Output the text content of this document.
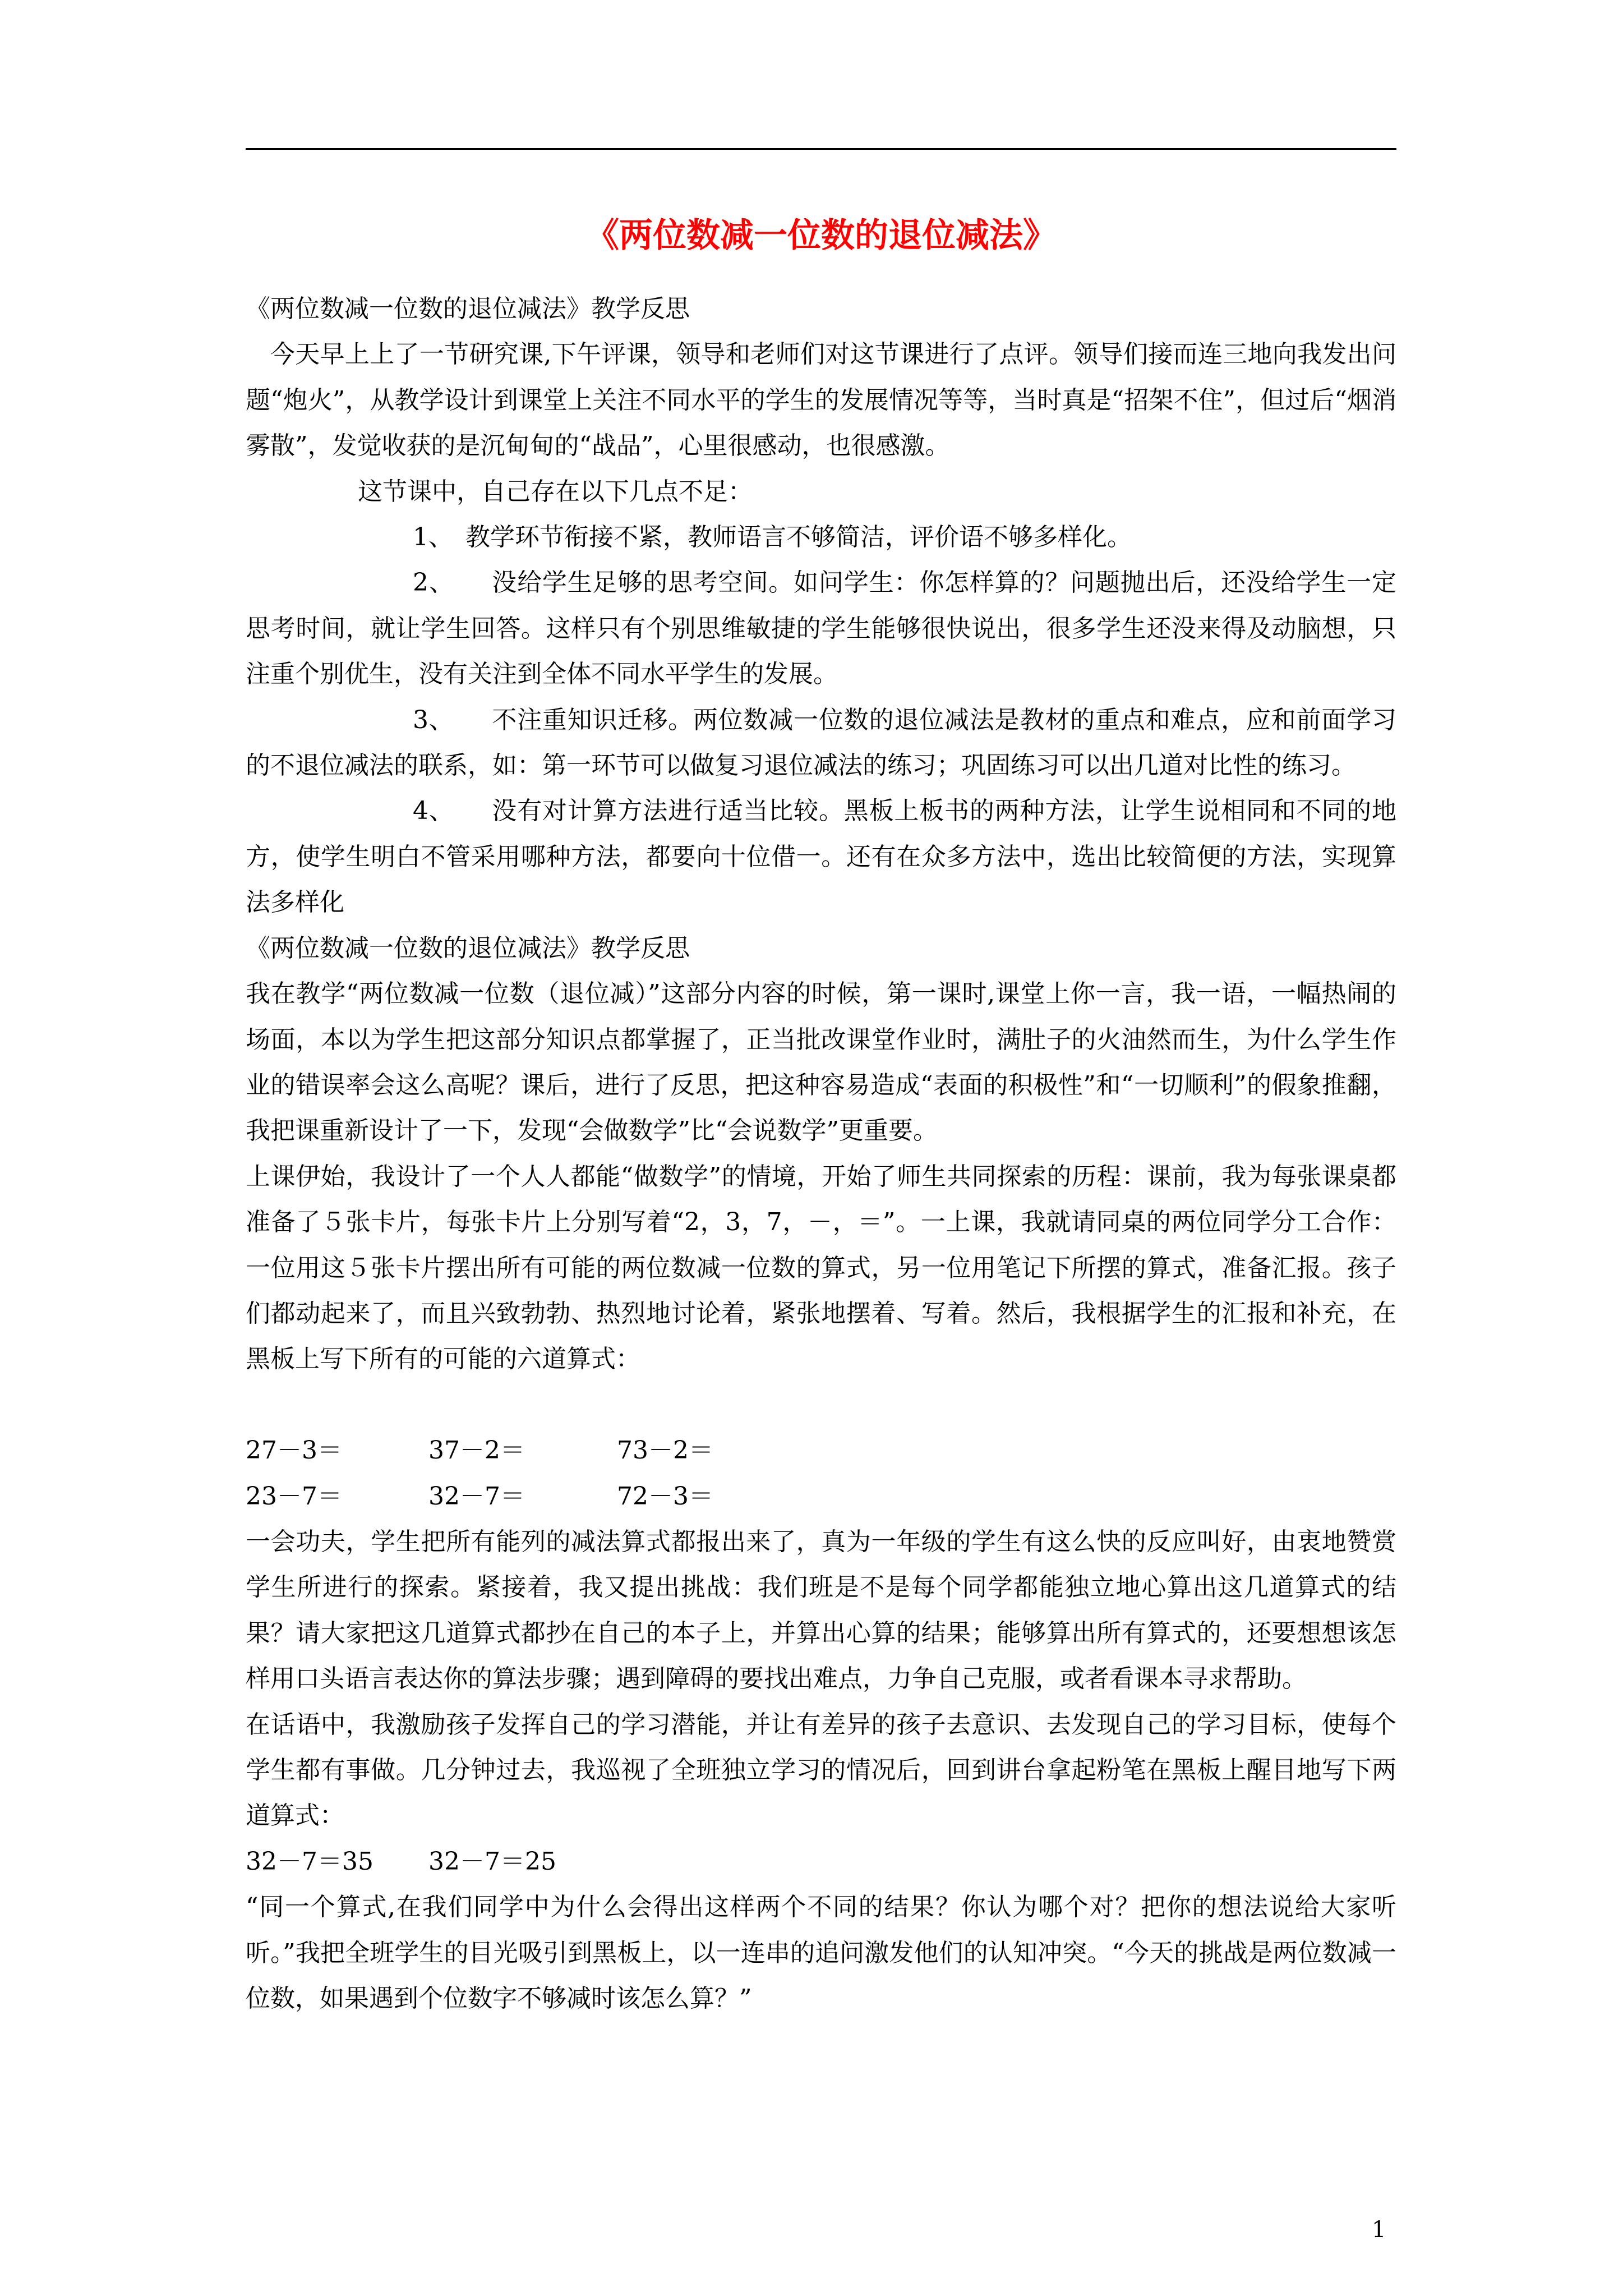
《两位数减一位数的退位减法》

《两位数减一位数的退位减法》教学反思

今天早上上了一节研究课,下午评课，领导和老师们对这节课进行了点评。领导们接而连三地向我发出问题“炮火”，从教学设计到课堂上关注不同水平的学生的发展情况等等，当时真是“招架不住”，但过后“烟消雾散”，发觉收获的是沉甸甸的“战品”，心里很感动，也很感激。

这节课中，自己存在以下几点不足：

1、　教学环节衔接不紧，教师语言不够简洁，评价语不够多样化。

2、　　没给学生足够的思考空间。如问学生：你怎样算的？问题抛出后，还没给学生一定思考时间，就让学生回答。这样只有个别思维敏捷的学生能够很快说出，很多学生还没来得及动脑想，只注重个别优生，没有关注到全体不同水平学生的发展。

3、　　不注重知识迁移。两位数减一位数的退位减法是教材的重点和难点，应和前面学习的不退位减法的联系，如：第一环节可以做复习退位减法的练习；巩固练习可以出几道对比性的练习。

4、　　没有对计算方法进行适当比较。黑板上板书的两种方法，让学生说相同和不同的地方，使学生明白不管采用哪种方法，都要向十位借一。还有在众多方法中，选出比较简便的方法，实现算法多样化

《两位数减一位数的退位减法》教学反思

我在教学“两位数减一位数（退位减）”这部分内容的时候，第一课时,课堂上你一言，我一语，一幅热闹的场面，本以为学生把这部分知识点都掌握了，正当批改课堂作业时，满肚子的火油然而生，为什么学生作业的错误率会这么高呢？课后，进行了反思，把这种容易造成“表面的积极性”和“一切顺利”的假象推翻，我把课重新设计了一下，发现“会做数学”比“会说数学”更重要。

上课伊始，我设计了一个人人都能“做数学”的情境，开始了师生共同探索的历程：课前，我为每张课桌都准备了５张卡片，每张卡片上分别写着“2，3，7，－，＝”。一上课，我就请同桌的两位同学分工合作：一位用这５张卡片摆出所有可能的两位数减一位数的算式，另一位用笔记下所摆的算式，准备汇报。孩子们都动起来了，而且兴致勃勃、热烈地讨论着，紧张地摆着、写着。然后，我根据学生的汇报和补充，在黑板上写下所有的可能的六道算式：

27－3＝	37－2＝	73－2＝
23－7＝	32－7＝	72－3＝

一会功夫，学生把所有能列的减法算式都报出来了，真为一年级的学生有这么快的反应叫好，由衷地赞赏学生所进行的探索。紧接着，我又提出挑战：我们班是不是每个同学都能独立地心算出这几道算式的结果？请大家把这几道算式都抄在自己的本子上，并算出心算的结果；能够算出所有算式的，还要想想该怎样用口头语言表达你的算法步骤；遇到障碍的要找出难点，力争自己克服，或者看课本寻求帮助。

在话语中，我激励孩子发挥自己的学习潜能，并让有差异的孩子去意识、去发现自己的学习目标，使每个学生都有事做。几分钟过去，我巡视了全班独立学习的情况后，回到讲台拿起粉笔在黑板上醒目地写下两道算式：

32－7＝35	32－7＝25

“同一个算式,在我们同学中为什么会得出这样两个不同的结果？你认为哪个对？把你的想法说给大家听听。”我把全班学生的目光吸引到黑板上，以一连串的追问激发他们的认知冲突。“今天的挑战是两位数减一位数，如果遇到个位数字不够减时该怎么算？”

1
